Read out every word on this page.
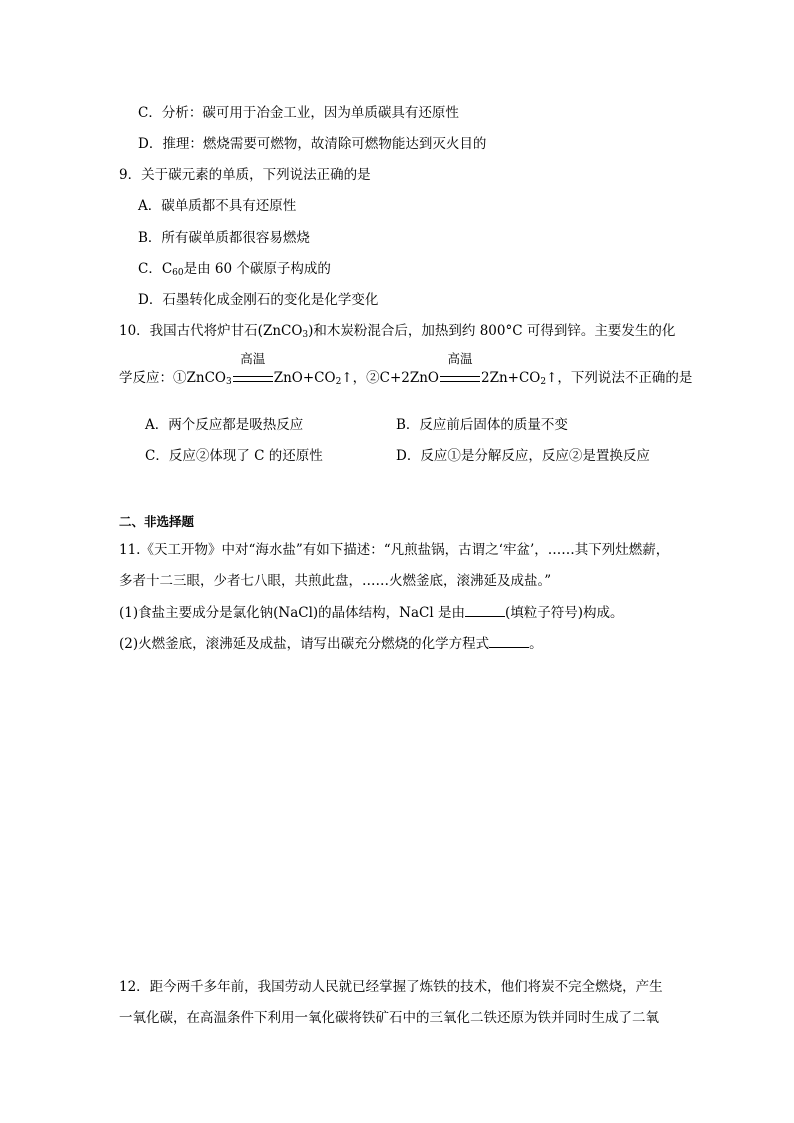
C．分析：碳可用于冶金工业，因为单质碳具有还原性
D．推理：燃烧需要可燃物，故清除可燃物能达到灭火目的
9．关于碳元素的单质，下列说法正确的是
A．碳单质都不具有还原性
B．所有碳单质都很容易燃烧
C．$C_{60}$是由 60 个碳原子构成的
D．石墨转化成金刚石的变化是化学变化
10．我国古代将炉甘石(ZnCO$_3$)和木炭粉混合后，加热到约 800°C 可得到锌。主要发生的化
学反应：①ZnCO$_3$
高温
$ZnO+CO_2↑$，②C+2ZnO
高温
$2Zn+CO_2↑$，下列说法不正确的是
A．两个反应都是吸热反应	B．反应前后固体的质量不变
C．反应②体现了 C 的还原性	D．反应①是分解反应，反应②是置换反应
二、非选择题
11.《天工开物》中对“海水盐”有如下描述：“凡煎盐锅，古谓之‘牢盆’，……其下列灶燃薪，
多者十二三眼，少者七八眼，共煎此盘，……火燃釜底，滚沸延及成盐。”
(1)食盐主要成分是氯化钠(NaCl)的晶体结构，NaCl 是由	(填粒子符号)构成。
(2)火燃釜底，滚沸延及成盐，请写出碳充分燃烧的化学方程式	。
12．距今两千多年前，我国劳动人民就已经掌握了炼铁的技术，他们将炭不完全燃烧，产生
一氧化碳，在高温条件下利用一氧化碳将铁矿石中的三氧化二铁还原为铁并同时生成了二氧
